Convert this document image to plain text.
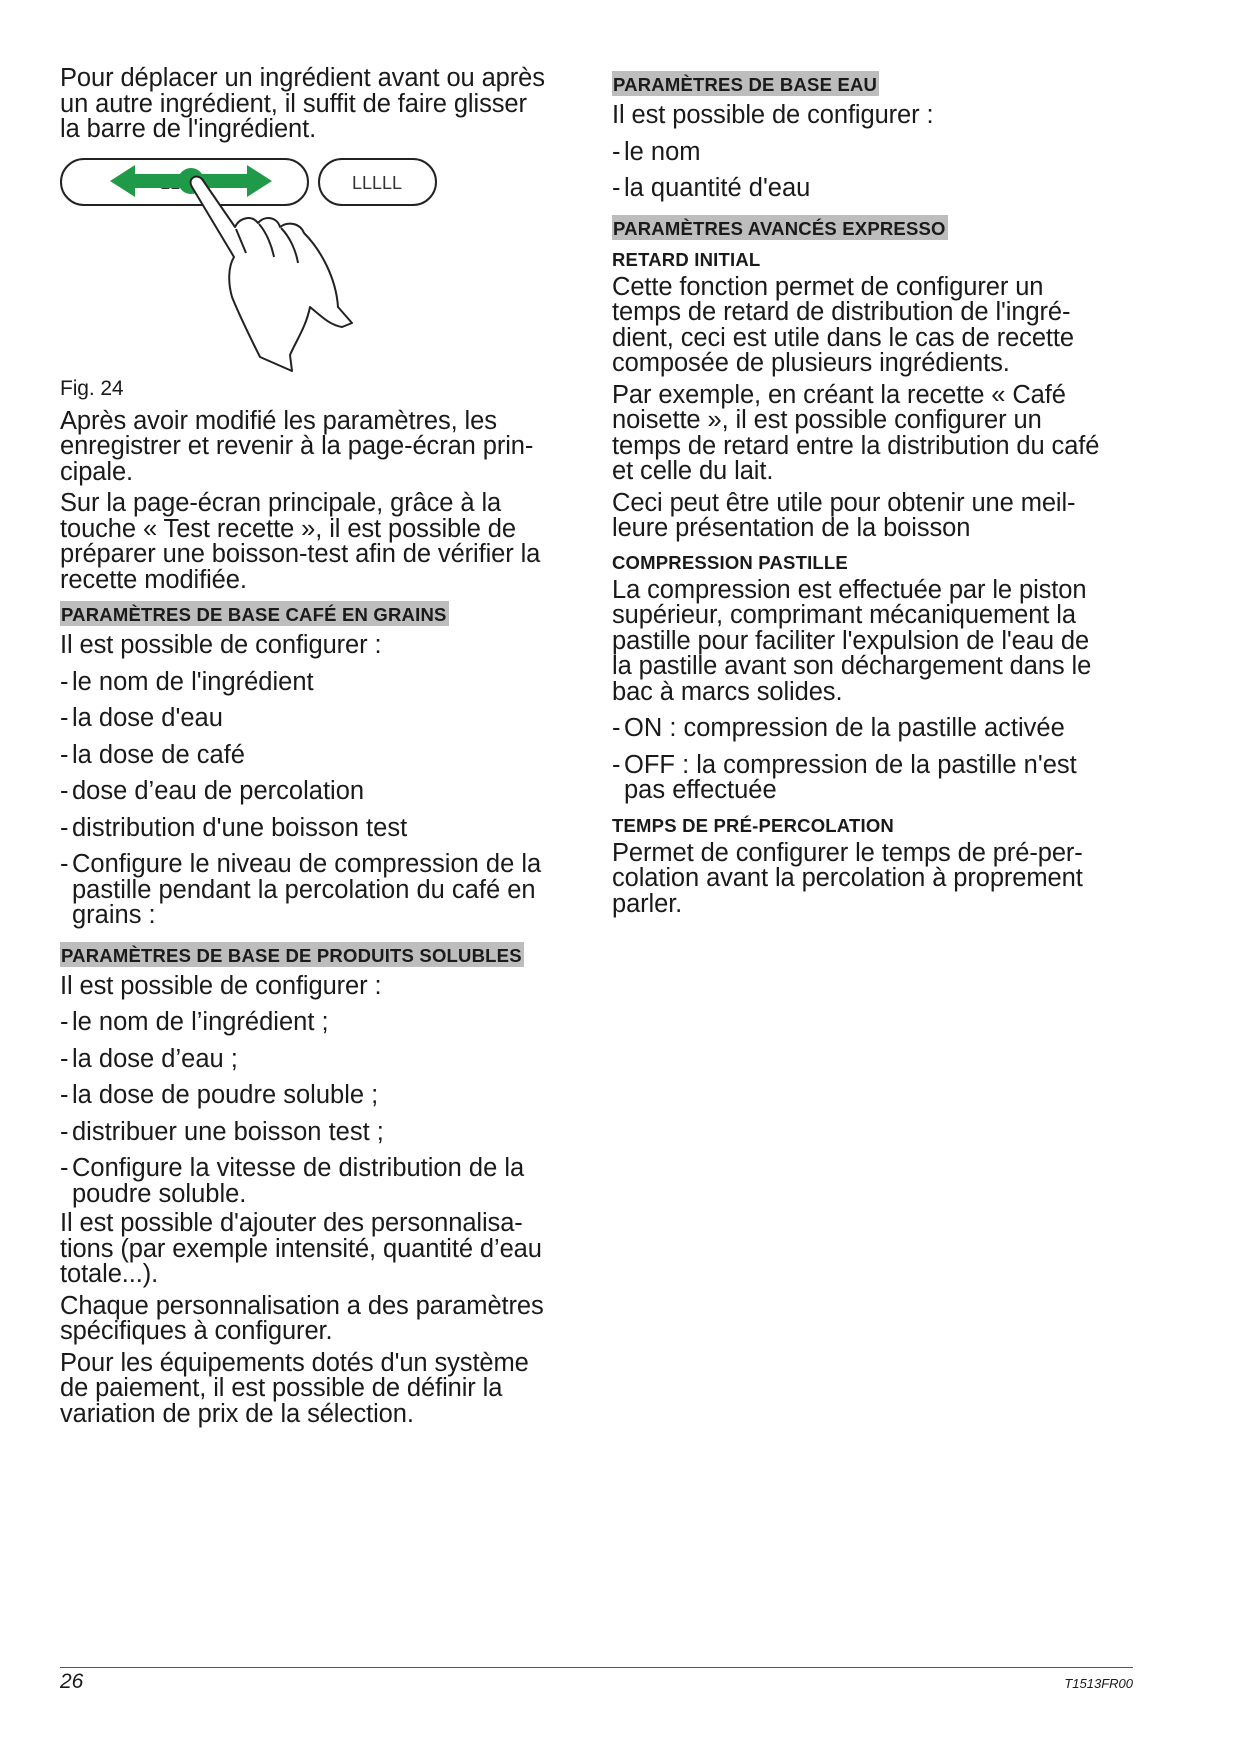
Pour déplacer un ingrédient avant ou après
un autre ingrédient, il suffit de faire glisser
la barre de l'ingrédient.

LLLLL

Fig. 24

Après avoir modifié les paramètres, les
enregistrer et revenir à la page-écran prin-
cipale.

Sur la page-écran principale, grâce à la
touche « Test recette », il est possible de
préparer une boisson-test afin de vérifier la
recette modifiée.

PARAMÈTRES DE BASE CAFÉ EN GRAINS

Il est possible de configurer :

- le nom de l'ingrédient
- la dose d'eau
- la dose de café
- dose d’eau de percolation
- distribution d'une boisson test
- Configure le niveau de compression de la
pastille pendant la percolation du café en
grains :
PARAMÈTRES DE BASE DE PRODUITS SOLUBLES

Il est possible de configurer :

- le nom de l’ingrédient ;
- la dose d’eau ;
- la dose de poudre soluble ;
- distribuer une boisson test ;
- Configure la vitesse de distribution de la
poudre soluble.

Il est possible d'ajouter des personnalisa-
tions (par exemple intensité, quantité d’eau
totale...).

Chaque personnalisation a des paramètres
spécifiques à configurer.

Pour les équipements dotés d'un système
de paiement, il est possible de définir la
variation de prix de la sélection.

PARAMÈTRES DE BASE EAU

Il est possible de configurer :

- le nom
- la quantité d'eau
PARAMÈTRES AVANCÉS EXPRESSO
RETARD INITIAL

Cette fonction permet de configurer un
temps de retard de distribution de l'ingré-
dient, ceci est utile dans le cas de recette
composée de plusieurs ingrédients.

Par exemple, en créant la recette « Café
noisette », il est possible configurer un
temps de retard entre la distribution du café
et celle du lait.

Ceci peut être utile pour obtenir une meil-
leure présentation de la boisson

COMPRESSION PASTILLE

La compression est effectuée par le piston
supérieur, comprimant mécaniquement la
pastille pour faciliter l'expulsion de l'eau de
la pastille avant son déchargement dans le
bac à marcs solides.

- ON : compression de la pastille activée
- OFF : la compression de la pastille n'est
pas effectuée
TEMPS DE PRÉ-PERCOLATION

Permet de configurer le temps de pré-per-
colation avant la percolation à proprement
parler.

26	T1513FR00
